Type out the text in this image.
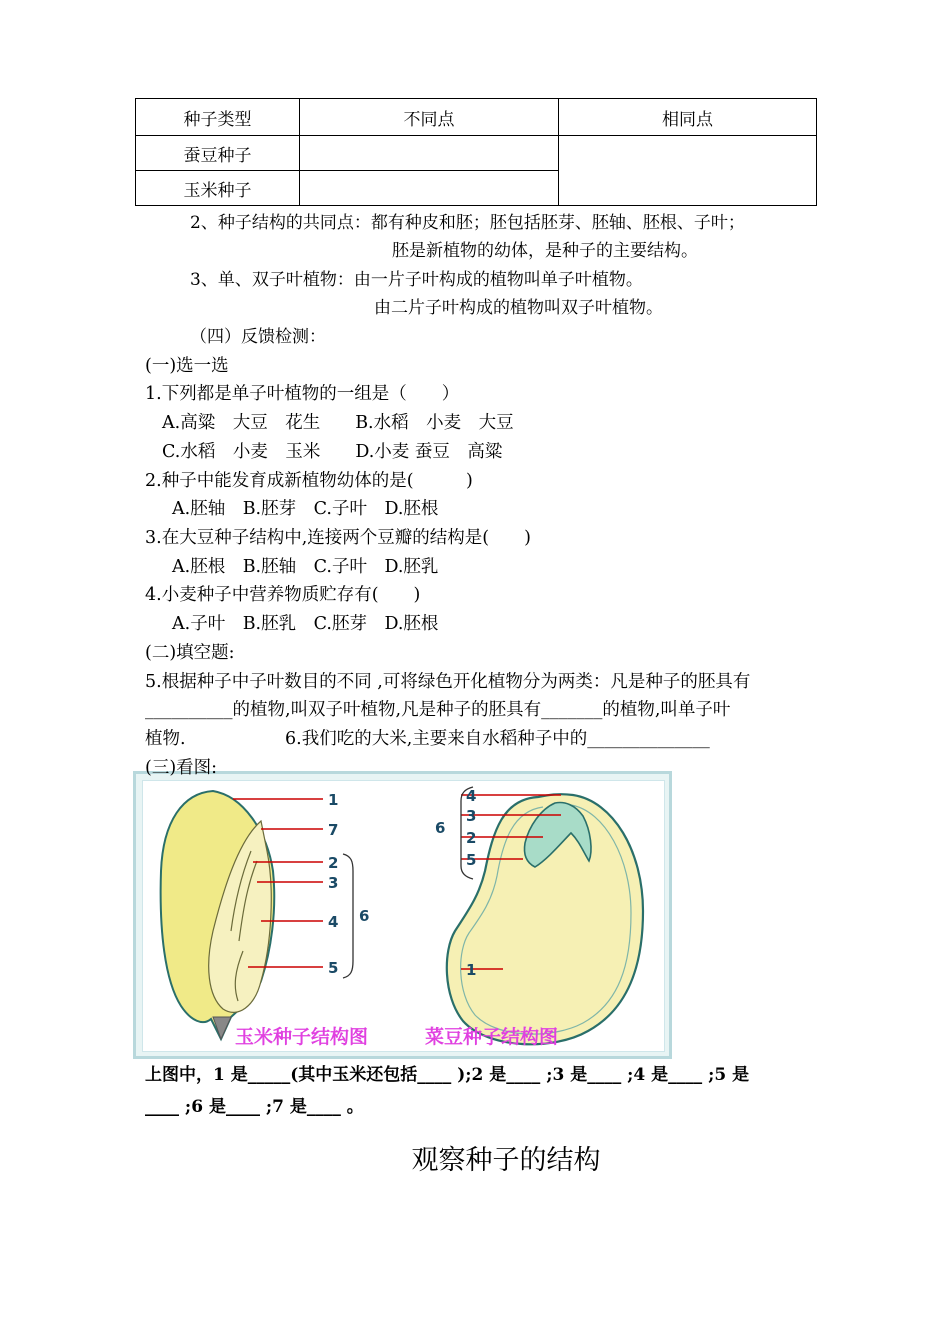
种子类型	不同点	相同点
蚕豆种子		
玉米种子		
2、种子结构的共同点：都有种皮和胚；胚包括胚芽、胚轴、胚根、子叶；
胚是新植物的幼体，是种子的主要结构。
3、单、双子叶植物：由一片子叶构成的植物叫单子叶植物。
由二片子叶构成的植物叫双子叶植物。
（四）反馈检测：
(一)选一选
1.下列都是单子叶植物的一组是（　　）
A.高粱　大豆　花生　　B.水稻　小麦　大豆
C.水稻　小麦　玉米　　D.小麦 蚕豆　高粱
2.种子中能发育成新植物幼体的是(　　　)
A.胚轴　B.胚芽　C.子叶　D.胚根
3.在大豆种子结构中,连接两个豆瓣的结构是(　　)
A.胚根　B.胚轴　C.子叶　D.胚乳
4.小麦种子中营养物质贮存有(　　)
A.子叶　B.胚乳　C.胚芽　D.胚根
(二)填空题:
5.根据种子中子叶数目的不同 ,可将绿色开化植物分为两类：凡是种子的胚具有
__________的植物,叫双子叶植物,凡是种子的胚具有_______的植物,叫单子叶
植物.	6.我们吃的大米,主要来自水稻种子中的______________
1
7
2
3
4 6
5
4
3
6
2
5
1
玉米种子结构图	菜豆种子结构图
(三)看图:
上图中，1 是_____(其中玉米还包括____ );2 是____ ;3 是____ ;4 是____ ;5 是
____ ;6 是____ ;7 是____ 。
观察种子的结构
